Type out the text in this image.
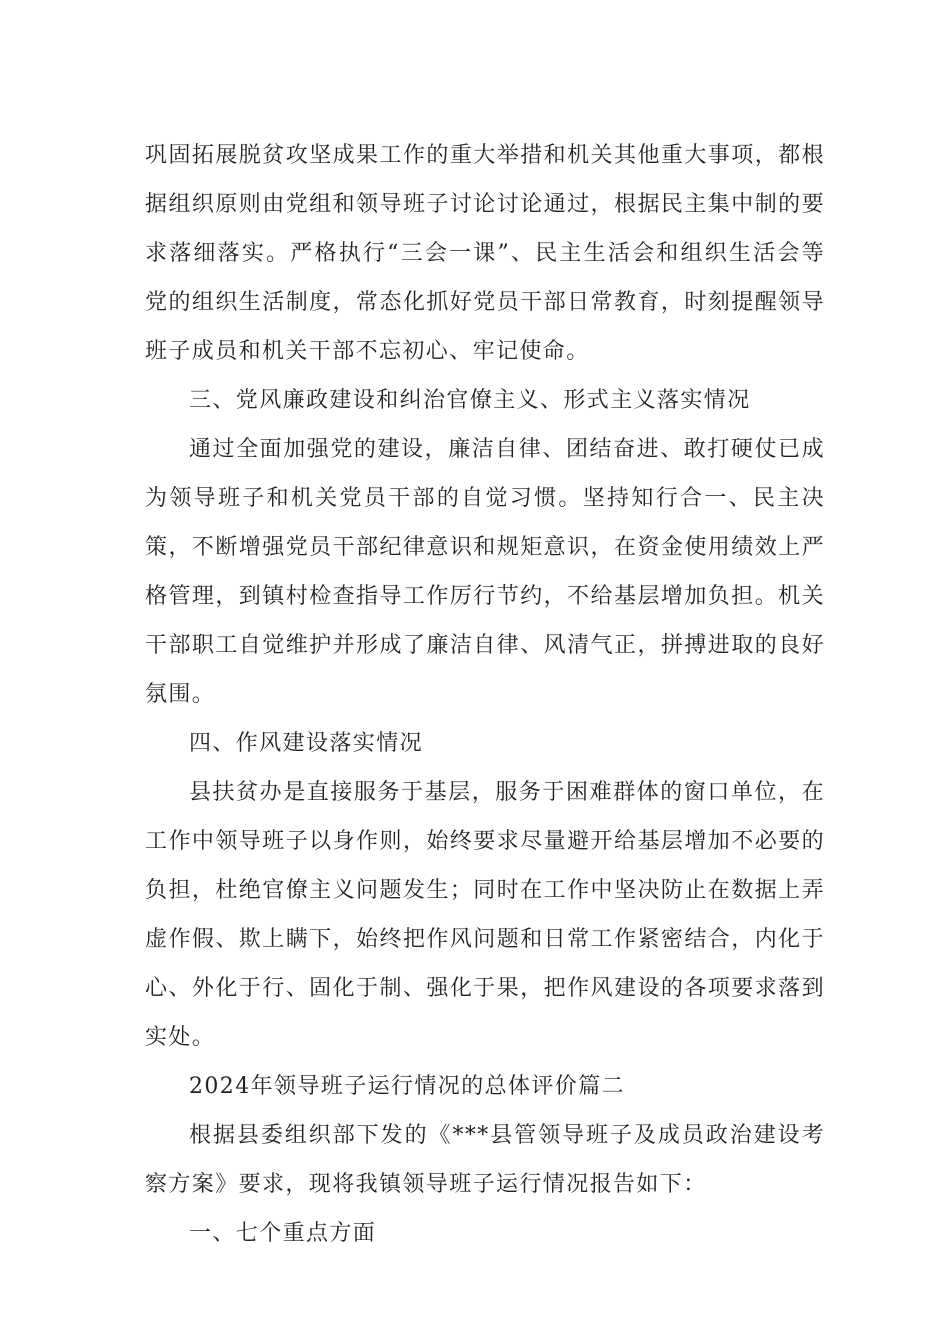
巩固拓展脱贫攻坚成果工作的重大举措和机关其他重大事项，都根据组织原则由党组和领导班子讨论讨论通过，根据民主集中制的要求落细落实。严格执行“三会一课”、民主生活会和组织生活会等党的组织生活制度，常态化抓好党员干部日常教育，时刻提醒领导班子成员和机关干部不忘初心、牢记使命。

三、党风廉政建设和纠治官僚主义、形式主义落实情况

通过全面加强党的建设，廉洁自律、团结奋进、敢打硬仗已成为领导班子和机关党员干部的自觉习惯。坚持知行合一、民主决策，不断增强党员干部纪律意识和规矩意识，在资金使用绩效上严格管理，到镇村检查指导工作厉行节约，不给基层增加负担。机关干部职工自觉维护并形成了廉洁自律、风清气正，拼搏进取的良好氛围。

四、作风建设落实情况

县扶贫办是直接服务于基层，服务于困难群体的窗口单位，在工作中领导班子以身作则，始终要求尽量避开给基层增加不必要的负担，杜绝官僚主义问题发生；同时在工作中坚决防止在数据上弄虚作假、欺上瞒下，始终把作风问题和日常工作紧密结合，内化于心、外化于行、固化于制、强化于果，把作风建设的各项要求落到实处。

2024年领导班子运行情况的总体评价篇二

根据县委组织部下发的《***县管领导班子及成员政治建设考察方案》要求，现将我镇领导班子运行情况报告如下：

一、七个重点方面
